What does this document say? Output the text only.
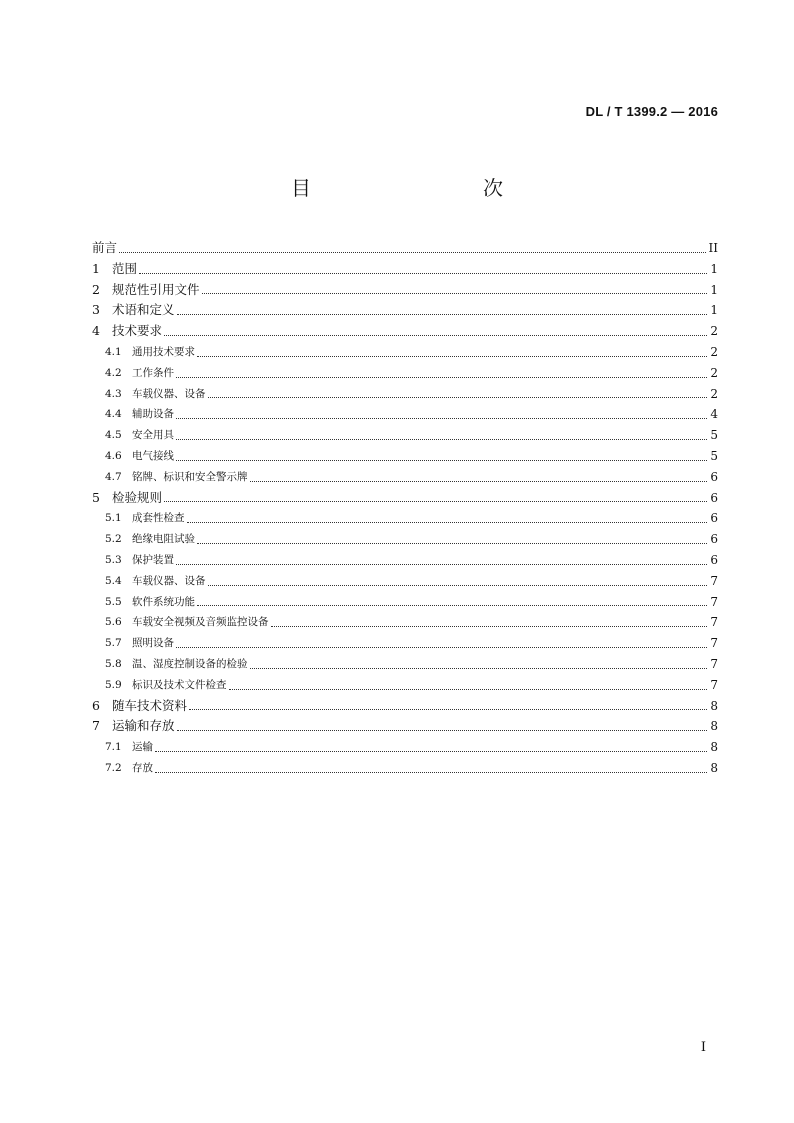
DL / T 1399.2 — 2016
目　　次
前言	II
1 范围	1
2 规范性引用文件	1
3 术语和定义	1
4 技术要求	2
4.1 通用技术要求	2
4.2 工作条件	2
4.3 车载仪器、设备	2
4.4 辅助设备	4
4.5 安全用具	5
4.6 电气接线	5
4.7 铭牌、标识和安全警示牌	6
5 检验规则	6
5.1 成套性检查	6
5.2 绝缘电阻试验	6
5.3 保护装置	6
5.4 车载仪器、设备	7
5.5 软件系统功能	7
5.6 车载安全视频及音频监控设备	7
5.7 照明设备	7
5.8 温、湿度控制设备的检验	7
5.9 标识及技术文件检查	7
6 随车技术资料	8
7 运输和存放	8
7.1 运输	8
7.2 存放	8
I
